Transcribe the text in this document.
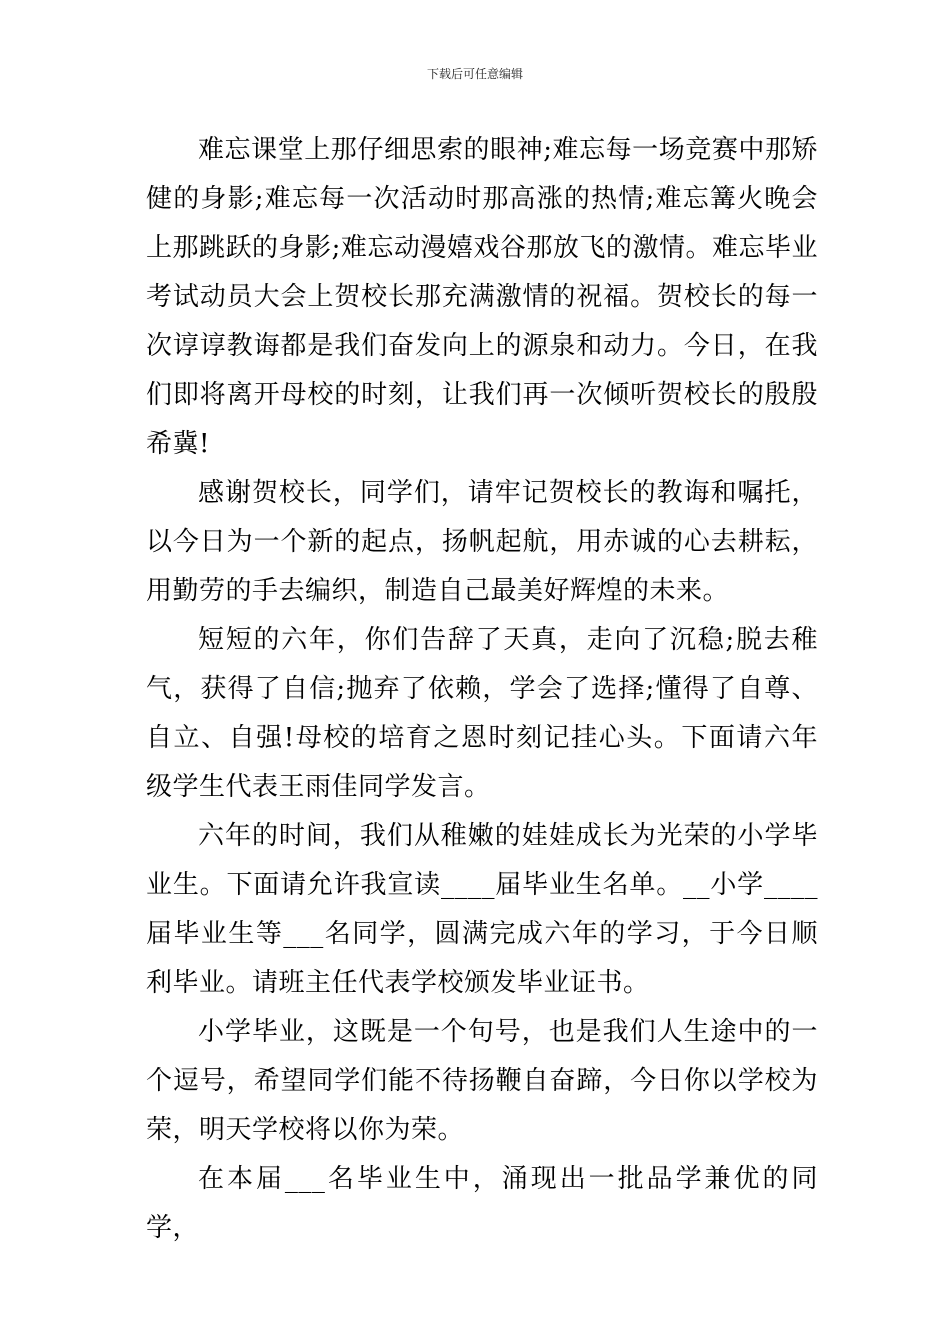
下载后可任意编辑

难忘课堂上那仔细思索的眼神;难忘每一场竞赛中那矫健的身影;难忘每一次活动时那高涨的热情;难忘篝火晚会上那跳跃的身影;难忘动漫嬉戏谷那放飞的激情。难忘毕业考试动员大会上贺校长那充满激情的祝福。贺校长的每一次谆谆教诲都是我们奋发向上的源泉和动力。今日，在我们即将离开母校的时刻，让我们再一次倾听贺校长的殷殷希冀!

感谢贺校长，同学们，请牢记贺校长的教诲和嘱托，以今日为一个新的起点，扬帆起航，用赤诚的心去耕耘，用勤劳的手去编织，制造自己最美好辉煌的未来。

短短的六年，你们告辞了天真，走向了沉稳;脱去稚气，获得了自信;抛弃了依赖，学会了选择;懂得了自尊、自立、自强!母校的培育之恩时刻记挂心头。下面请六年级学生代表王雨佳同学发言。

六年的时间，我们从稚嫩的娃娃成长为光荣的小学毕业生。下面请允许我宣读____届毕业生名单。__小学____届毕业生等___名同学，圆满完成六年的学习，于今日顺利毕业。请班主任代表学校颁发毕业证书。

小学毕业，这既是一个句号，也是我们人生途中的一个逗号，希望同学们能不待扬鞭自奋蹄，今日你以学校为荣，明天学校将以你为荣。

在本届___名毕业生中，涌现出一批品学兼优的同学，
